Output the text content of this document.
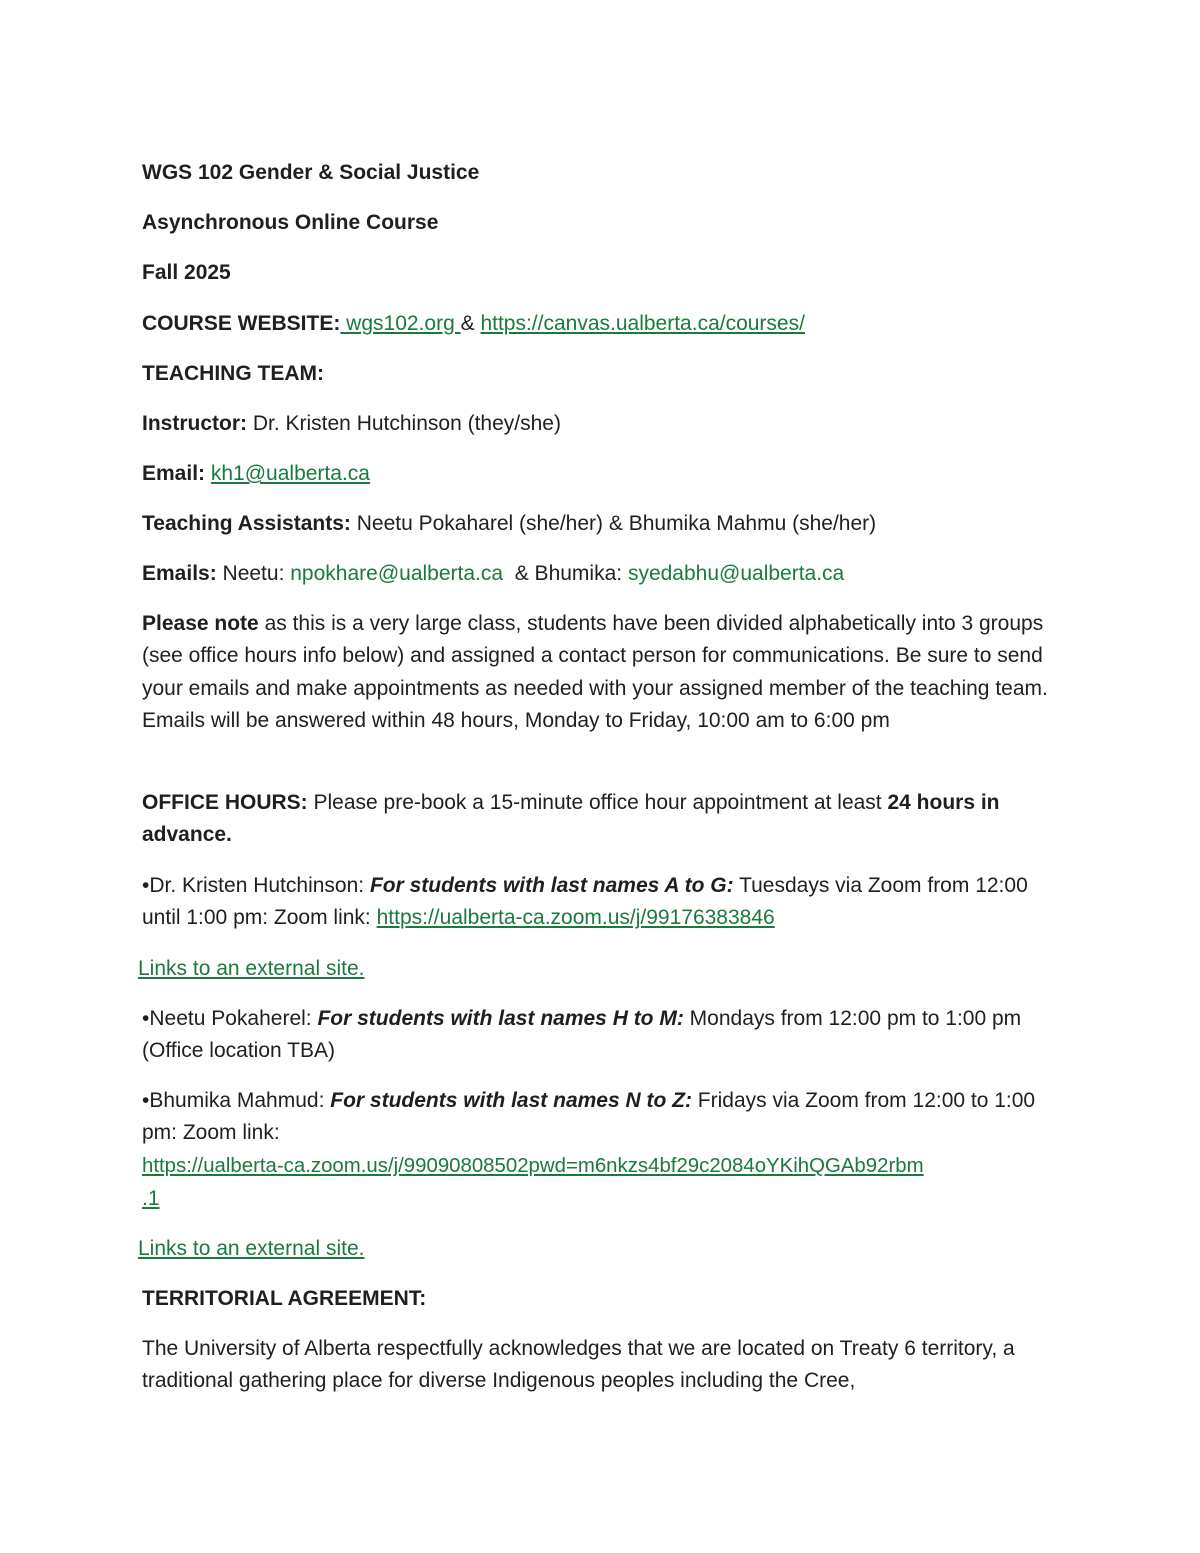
WGS 102 Gender & Social Justice
Asynchronous Online Course
Fall 2025
COURSE WEBSITE: wgs102.org & https://canvas.ualberta.ca/courses/
TEACHING TEAM:
Instructor: Dr. Kristen Hutchinson (they/she)
Email: kh1@ualberta.ca
Teaching Assistants: Neetu Pokaharel (she/her) & Bhumika Mahmu (she/her)
Emails: Neetu: npokhare@ualberta.ca  & Bhumika: syedabhu@ualberta.ca
Please note as this is a very large class, students have been divided alphabetically into 3 groups (see office hours info below) and assigned a contact person for communications. Be sure to send your emails and make appointments as needed with your assigned member of the teaching team. Emails will be answered within 48 hours, Monday to Friday, 10:00 am to 6:00 pm
OFFICE HOURS: Please pre-book a 15-minute office hour appointment at least 24 hours in advance.
•Dr. Kristen Hutchinson: For students with last names A to G: Tuesdays via Zoom from 12:00 until 1:00 pm: Zoom link: https://ualberta-ca.zoom.us/j/99176383846
Links to an external site.
•Neetu Pokaherel: For students with last names H to M: Mondays from 12:00 pm to 1:00 pm (Office location TBA)
•Bhumika Mahmud: For students with last names N to Z: Fridays via Zoom from 12:00 to 1:00 pm: Zoom link:
https://ualberta-ca.zoom.us/j/99090808502pwd=m6nkzs4bf29c2084oYKihQGAb92rbm
.1
Links to an external site.
TERRITORIAL AGREEMENT:
The University of Alberta respectfully acknowledges that we are located on Treaty 6 territory, a traditional gathering place for diverse Indigenous peoples including the Cree,
